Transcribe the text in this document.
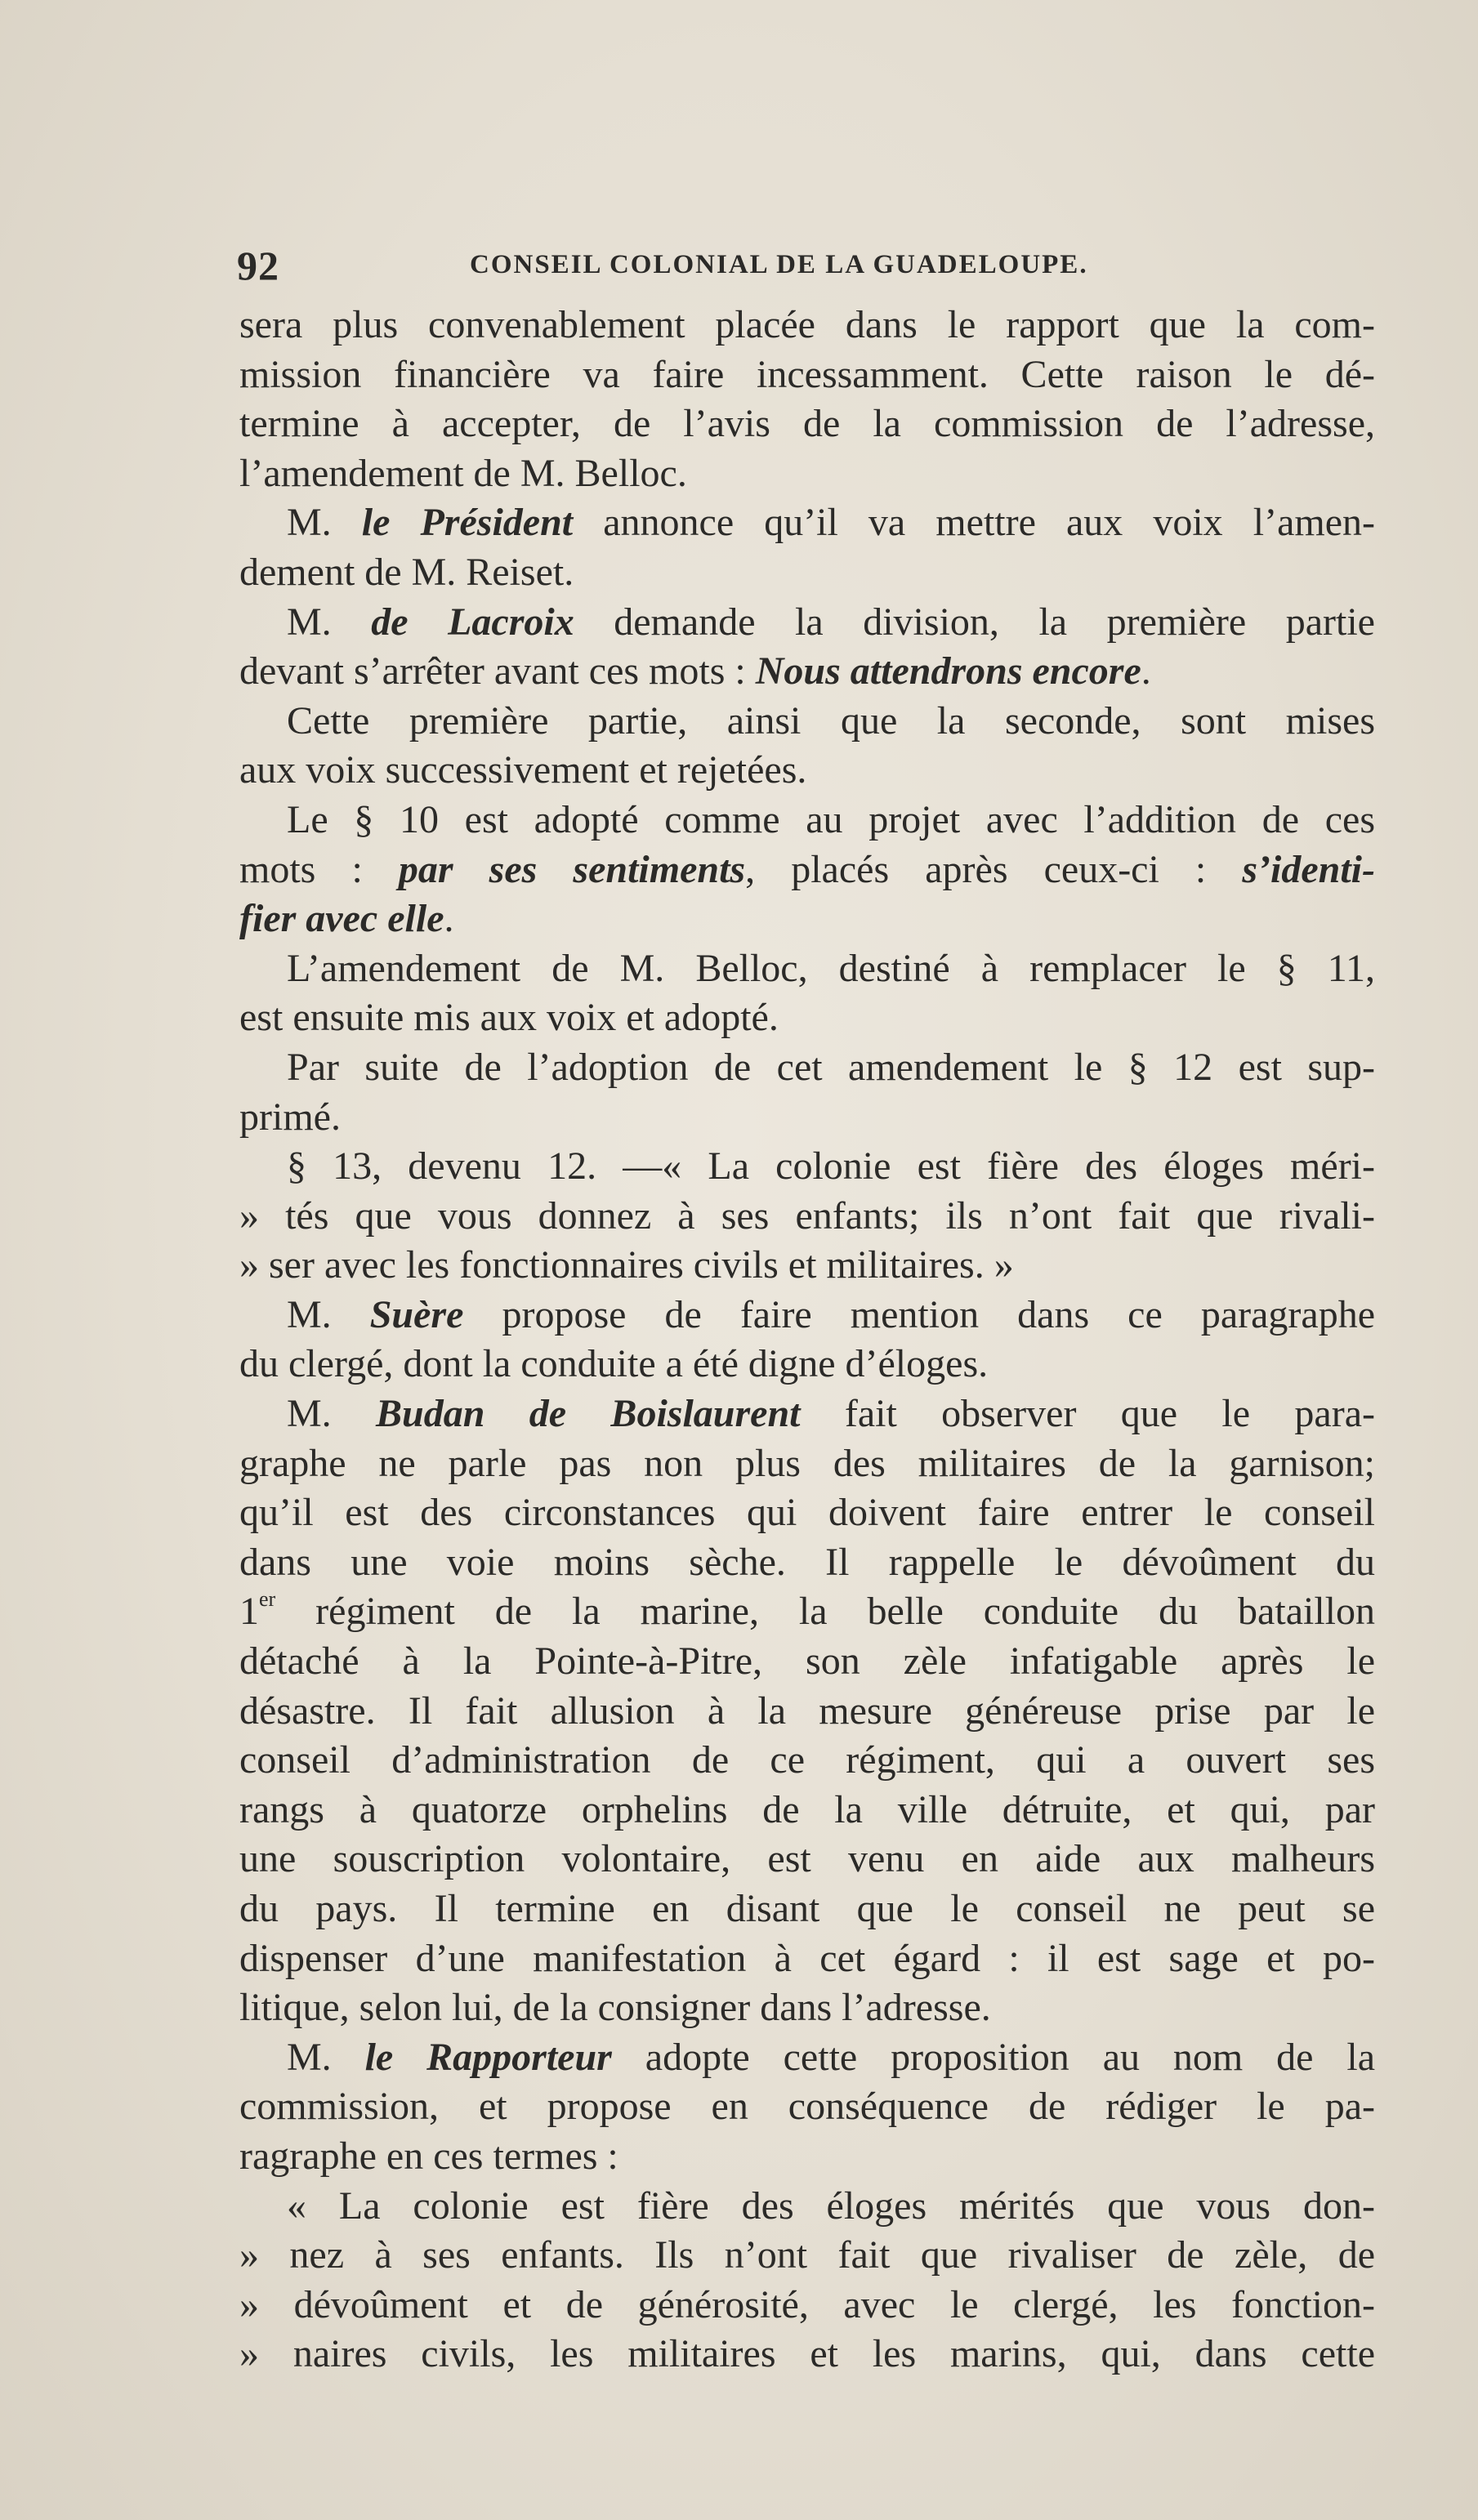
92	CONSEIL COLONIAL DE LA GUADELOUPE.
sera plus convenablement placée dans le rapport que la com-
mission financière va faire incessamment. Cette raison le dé-
termine à accepter, de l’avis de la commission de l’adresse,
l’amendement de M. Belloc.
M. le Président annonce qu’il va mettre aux voix l’amen-
dement de M. Reiset.
M. de Lacroix demande la division, la première partie
devant s’arrêter avant ces mots : Nous attendrons encore.
Cette première partie, ainsi que la seconde, sont mises
aux voix successivement et rejetées.
Le § 10 est adopté comme au projet avec l’addition de ces
mots : par ses sentiments, placés après ceux-ci : s’identi-
fier avec elle.
L’amendement de M. Belloc, destiné à remplacer le § 11,
est ensuite mis aux voix et adopté.
Par suite de l’adoption de cet amendement le § 12 est sup-
primé.
§ 13, devenu 12. —« La colonie est fière des éloges méri-
» tés que vous donnez à ses enfants; ils n’ont fait que rivali-
» ser avec les fonctionnaires civils et militaires. »
M. Suère propose de faire mention dans ce paragraphe
du clergé, dont la conduite a été digne d’éloges.
M. Budan de Boislaurent fait observer que le para-
graphe ne parle pas non plus des militaires de la garnison;
qu’il est des circonstances qui doivent faire entrer le conseil
dans une voie moins sèche. Il rappelle le dévoûment du
1er régiment de la marine, la belle conduite du bataillon
détaché à la Pointe-à-Pitre, son zèle infatigable après le
désastre. Il fait allusion à la mesure généreuse prise par le
conseil d’administration de ce régiment, qui a ouvert ses
rangs à quatorze orphelins de la ville détruite, et qui, par
une souscription volontaire, est venu en aide aux malheurs
du pays. Il termine en disant que le conseil ne peut se
dispenser d’une manifestation à cet égard : il est sage et po-
litique, selon lui, de la consigner dans l’adresse.
M. le Rapporteur adopte cette proposition au nom de la
commission, et propose en conséquence de rédiger le pa-
ragraphe en ces termes :
« La colonie est fière des éloges mérités que vous don-
» nez à ses enfants. Ils n’ont fait que rivaliser de zèle, de
» dévoûment et de générosité, avec le clergé, les fonction-
» naires civils, les militaires et les marins, qui, dans cette
